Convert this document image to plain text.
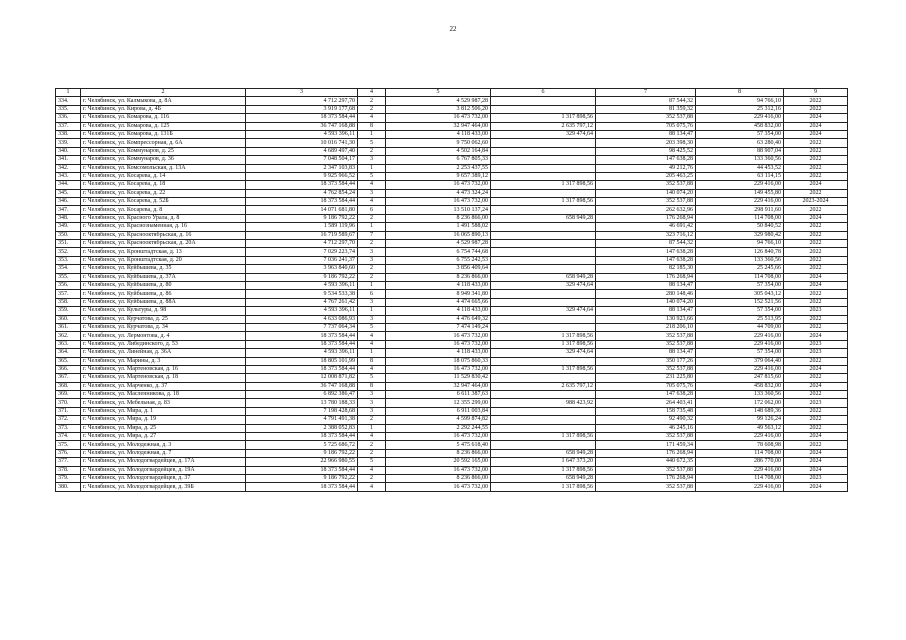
22
1	2	3	4	5	6	7	8	9
334.	г. Челябинск, ул. Калмыкова, д. 8А	4 712 297,70	2	4 529 987,28		87 544,32	94 766,10	2022
335.	г. Челябинск, ул. Кирова, д. 4Б	3 919 177,68	2	3 812 506,20		81 359,32	25 312,16	2022
336.	г. Челябинск, ул. Комарова, д. 116	18 373 584,44	4	16 473 732,00	1 317 898,56	352 537,88	229 416,00	2024
337.	г. Челябинск, ул. Комарова, д. 125	36 747 168,88	8	32 947 464,00	2 635 797,12	705 075,76	458 832,00	2024
338.	г. Челябинск, ул. Комарова, д. 131Б	4 593 396,11	1	4 118 433,00	329 474,64	88 134,47	57 354,00	2024
339.	г. Челябинск, ул. Компрессорная, д. 6А	10 016 741,30	5	9 750 062,60		203 398,30	63 280,40	2022
340.	г. Челябинск, ул. Коммунаров, д. 25	4 689 497,40	2	4 502 164,84		98 425,52	88 907,04	2022
341.	г. Челябинск, ул. Коммунаров, д. 36	7 048 504,17	3	6 767 805,33		147 638,28	133 360,56	2022
342.	г. Челябинск, ул. Комсомольская, д. 13А	2 347 103,83	1	2 253 437,55		49 212,76	44 453,52	2022
343.	г. Челябинск, ул. Косарева, д. 14	9 925 966,52	5	9 657 389,12		205 463,25	63 114,15	2022
344.	г. Челябинск, ул. Косарева, д. 18	18 373 584,44	4	16 473 732,00	1 317 898,56	352 537,88	229 416,00	2024
345.	г. Челябинск, ул. Косарева, д. 22	4 762 854,24	3	4 473 324,24		140 074,20	149 455,80	2022
346.	г. Челябинск, ул. Косарева, д. 52Б	18 373 584,44	4	16 473 732,00	1 317 898,56	352 537,88	229 416,00	2023-2024
347.	г. Челябинск, ул. Косарева, д. 8	14 071 681,80	6	13 510 137,24		262 632,96	298 911,60	2022
348.	г. Челябинск, ул. Красного Урала, д. 8	9 186 792,22	2	8 236 866,00	658 949,28	176 268,94	114 708,00	2024
349.	г. Челябинск, ул. Краснознаменная, д. 16	1 589 119,96	1	1 491 588,02		46 691,42	50 840,52	2022
350.	г. Челябинск, ул. Краснооктябрьская, д. 16	16 719 589,67	7	16 065 890,13		323 716,12	329 980,42	2022
351.	г. Челябинск, ул. Краснооктябрьская, д. 20А	4 712 297,70	2	4 529 987,28		87 544,32	94 766,10	2022
352.	г. Челябинск, ул. Кронштадтская, д. 13	7 029 223,74	3	6 754 744,68		147 638,28	126 840,78	2022
353.	г. Челябинск, ул. Кронштадтская, д. 20	7 036 241,37	3	6 755 242,53		147 638,28	133 360,56	2022
354.	г. Челябинск, ул. Куйбышева, д. 35	3 963 840,60	2	3 856 409,64		82 185,30	25 245,66	2022
355.	г. Челябинск, ул. Куйбышева, д. 37А	9 186 792,22	2	8 236 866,00	658 949,28	176 268,94	114 708,00	2024
356.	г. Челябинск, ул. Куйбышева, д. 80	4 593 396,11	1	4 118 433,00	329 474,64	88 134,47	57 354,00	2024
357.	г. Челябинск, ул. Куйбышева, д. 86	9 534 533,38	6	8 949 341,80		280 148,46	305 043,12	2022
358.	г. Челябинск, ул. Куйбышева, д. 88А	4 767 261,42	3	4 474 665,66		140 074,20	152 521,56	2022
359.	г. Челябинск, ул. Культуры, д. 98	4 593 396,11	1	4 118 433,00	329 474,64	88 134,47	57 354,00	2023
360.	г. Челябинск, ул. Курчатова, д. 25	4 633 086,93	3	4 476 649,32		130 923,66	25 513,95	2022
361.	г. Челябинск, ул. Курчатова, д. 34	7 737 064,34	5	7 474 149,24		218 206,10	44 709,00	2022
362.	г. Челябинск, ул. Лермонтова, д. 4	18 373 584,44	4	16 473 732,00	1 317 898,56	352 537,88	229 416,00	2024
363.	г. Челябинск, ул. Либединского, д. 53	18 373 584,44	4	16 473 732,00	1 317 898,56	352 537,88	229 416,00	2023
364.	г. Челябинск, ул. Линейная, д. 36А	4 593 396,11	1	4 118 433,00	329 474,64	88 134,47	57 354,00	2023
365.	г. Челябинск, ул. Марины, д. 3	18 805 101,99	8	18 075 860,33		350 177,26	379 064,40	2022
366.	г. Челябинск, ул. Мартеновская, д. 16	18 373 584,44	4	16 473 732,00	1 317 898,56	352 537,88	229 416,00	2024
367.	г. Челябинск, ул. Мартеновская, д. 18	12 008 871,82	5	11 529 830,42		231 225,80	247 815,60	2022
368.	г. Челябинск, ул. Марченко, д. 37	36 747 168,88	8	32 947 464,00	2 635 797,12	705 075,76	458 832,00	2024
369.	г. Челябинск, ул. Масленникова, д. 18	6 892 386,47	3	6 611 387,63		147 638,28	133 360,56	2022
370.	г. Челябинск, ул. Мебельная, д. 83	13 780 188,33	3	12 355 299,00	988 423,92	264 403,41	172 062,00	2023
371.	г. Челябинск, ул. Мира, д. 1	7 198 428,68	3	6 911 003,84		158 735,48	148 689,36	2022
372.	г. Челябинск, ул. Мира, д. 19	4 791 491,38	2	4 599 874,82		92 490,32	99 126,24	2022
373.	г. Челябинск, ул. Мира, д. 25	2 388 052,83	1	2 292 244,55		46 245,16	49 563,12	2022
374.	г. Челябинск, ул. Мира, д. 27	18 373 584,44	4	16 473 732,00	1 317 898,56	352 537,88	229 416,00	2024
375.	г. Челябинск, ул. Молодежная, д. 3	5 725 686,72	2	5 475 618,40		171 459,34	78 608,98	2022
376.	г. Челябинск, ул. Молодежная, д. 7	9 186 792,22	2	8 236 866,00	658 949,28	176 268,94	114 708,00	2024
377.	г. Челябинск, ул. Молодогвардейцев, д. 17А	22 966 980,55	5	20 592 165,00	1 647 373,20	440 672,35	286 770,00	2024
378.	г. Челябинск, ул. Молодогвардейцев, д. 19А	18 373 584,44	4	16 473 732,00	1 317 898,56	352 537,88	229 416,00	2024
379.	г. Челябинск, ул. Молодогвардейцев, д. 37	9 186 792,22	2	8 236 866,00	658 949,28	176 268,94	114 708,00	2023
380.	г. Челябинск, ул. Молодогвардейцев, д. 39Б	18 373 584,44	4	16 473 732,00	1 317 898,56	352 537,88	229 416,00	2024
